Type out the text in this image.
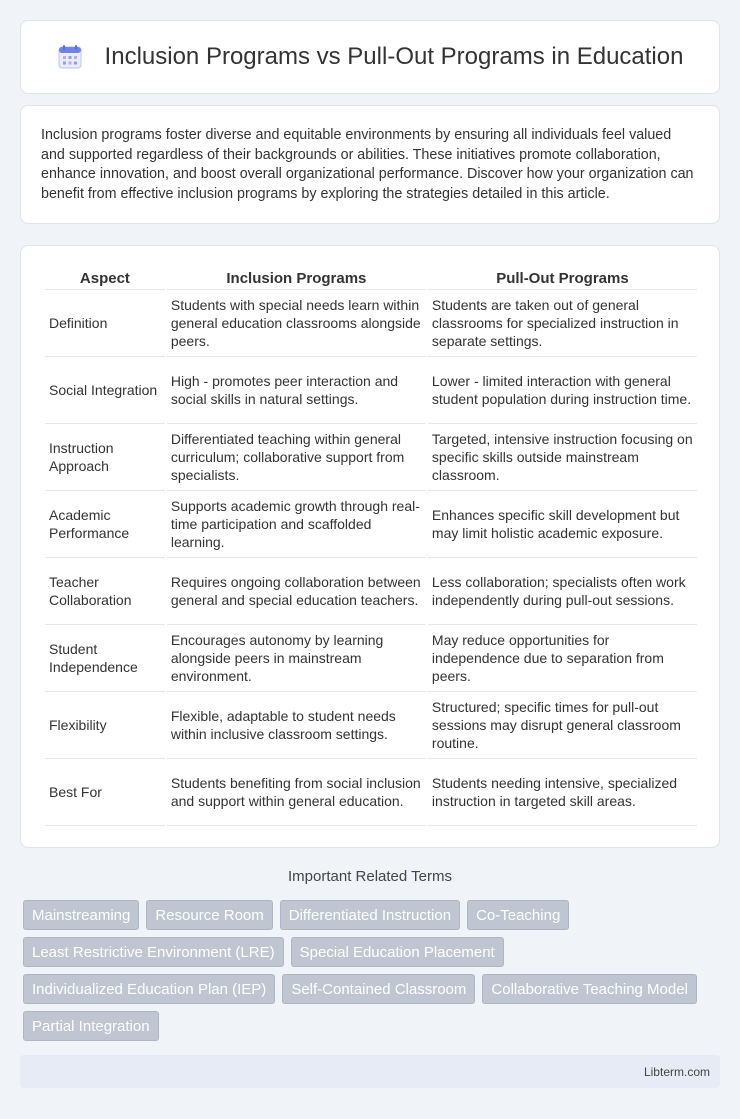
Inclusion Programs vs Pull-Out Programs in Education

Inclusion programs foster diverse and equitable environments by ensuring all individuals feel valued and supported regardless of their backgrounds or abilities. These initiatives promote collaboration, enhance innovation, and boost overall organizational performance. Discover how your organization can benefit from effective inclusion programs by exploring the strategies detailed in this article.

Aspect	Inclusion Programs	Pull-Out Programs
Definition	Students with special needs learn within general education classrooms alongside peers.	Students are taken out of general classrooms for specialized instruction in separate settings.
Social Integration	High - promotes peer interaction and social skills in natural settings.	Lower - limited interaction with general student population during instruction time.
Instruction Approach	Differentiated teaching within general curriculum; collaborative support from specialists.	Targeted, intensive instruction focusing on specific skills outside mainstream classroom.
Academic Performance	Supports academic growth through real-time participation and scaffolded learning.	Enhances specific skill development but may limit holistic academic exposure.
Teacher Collaboration	Requires ongoing collaboration between general and special education teachers.	Less collaboration; specialists often work independently during pull-out sessions.
Student Independence	Encourages autonomy by learning alongside peers in mainstream environment.	May reduce opportunities for independence due to separation from peers.
Flexibility	Flexible, adaptable to student needs within inclusive classroom settings.	Structured; specific times for pull-out sessions may disrupt general classroom routine.
Best For	Students benefiting from social inclusion and support within general education.	Students needing intensive, specialized instruction in targeted skill areas.
Important Related Terms
Mainstreaming	Resource Room	Differentiated Instruction	Co-Teaching
Least Restrictive Environment (LRE)	Special Education Placement
Individualized Education Plan (IEP)	Self-Contained Classroom	Collaborative Teaching Model
Partial Integration
Libterm.com
